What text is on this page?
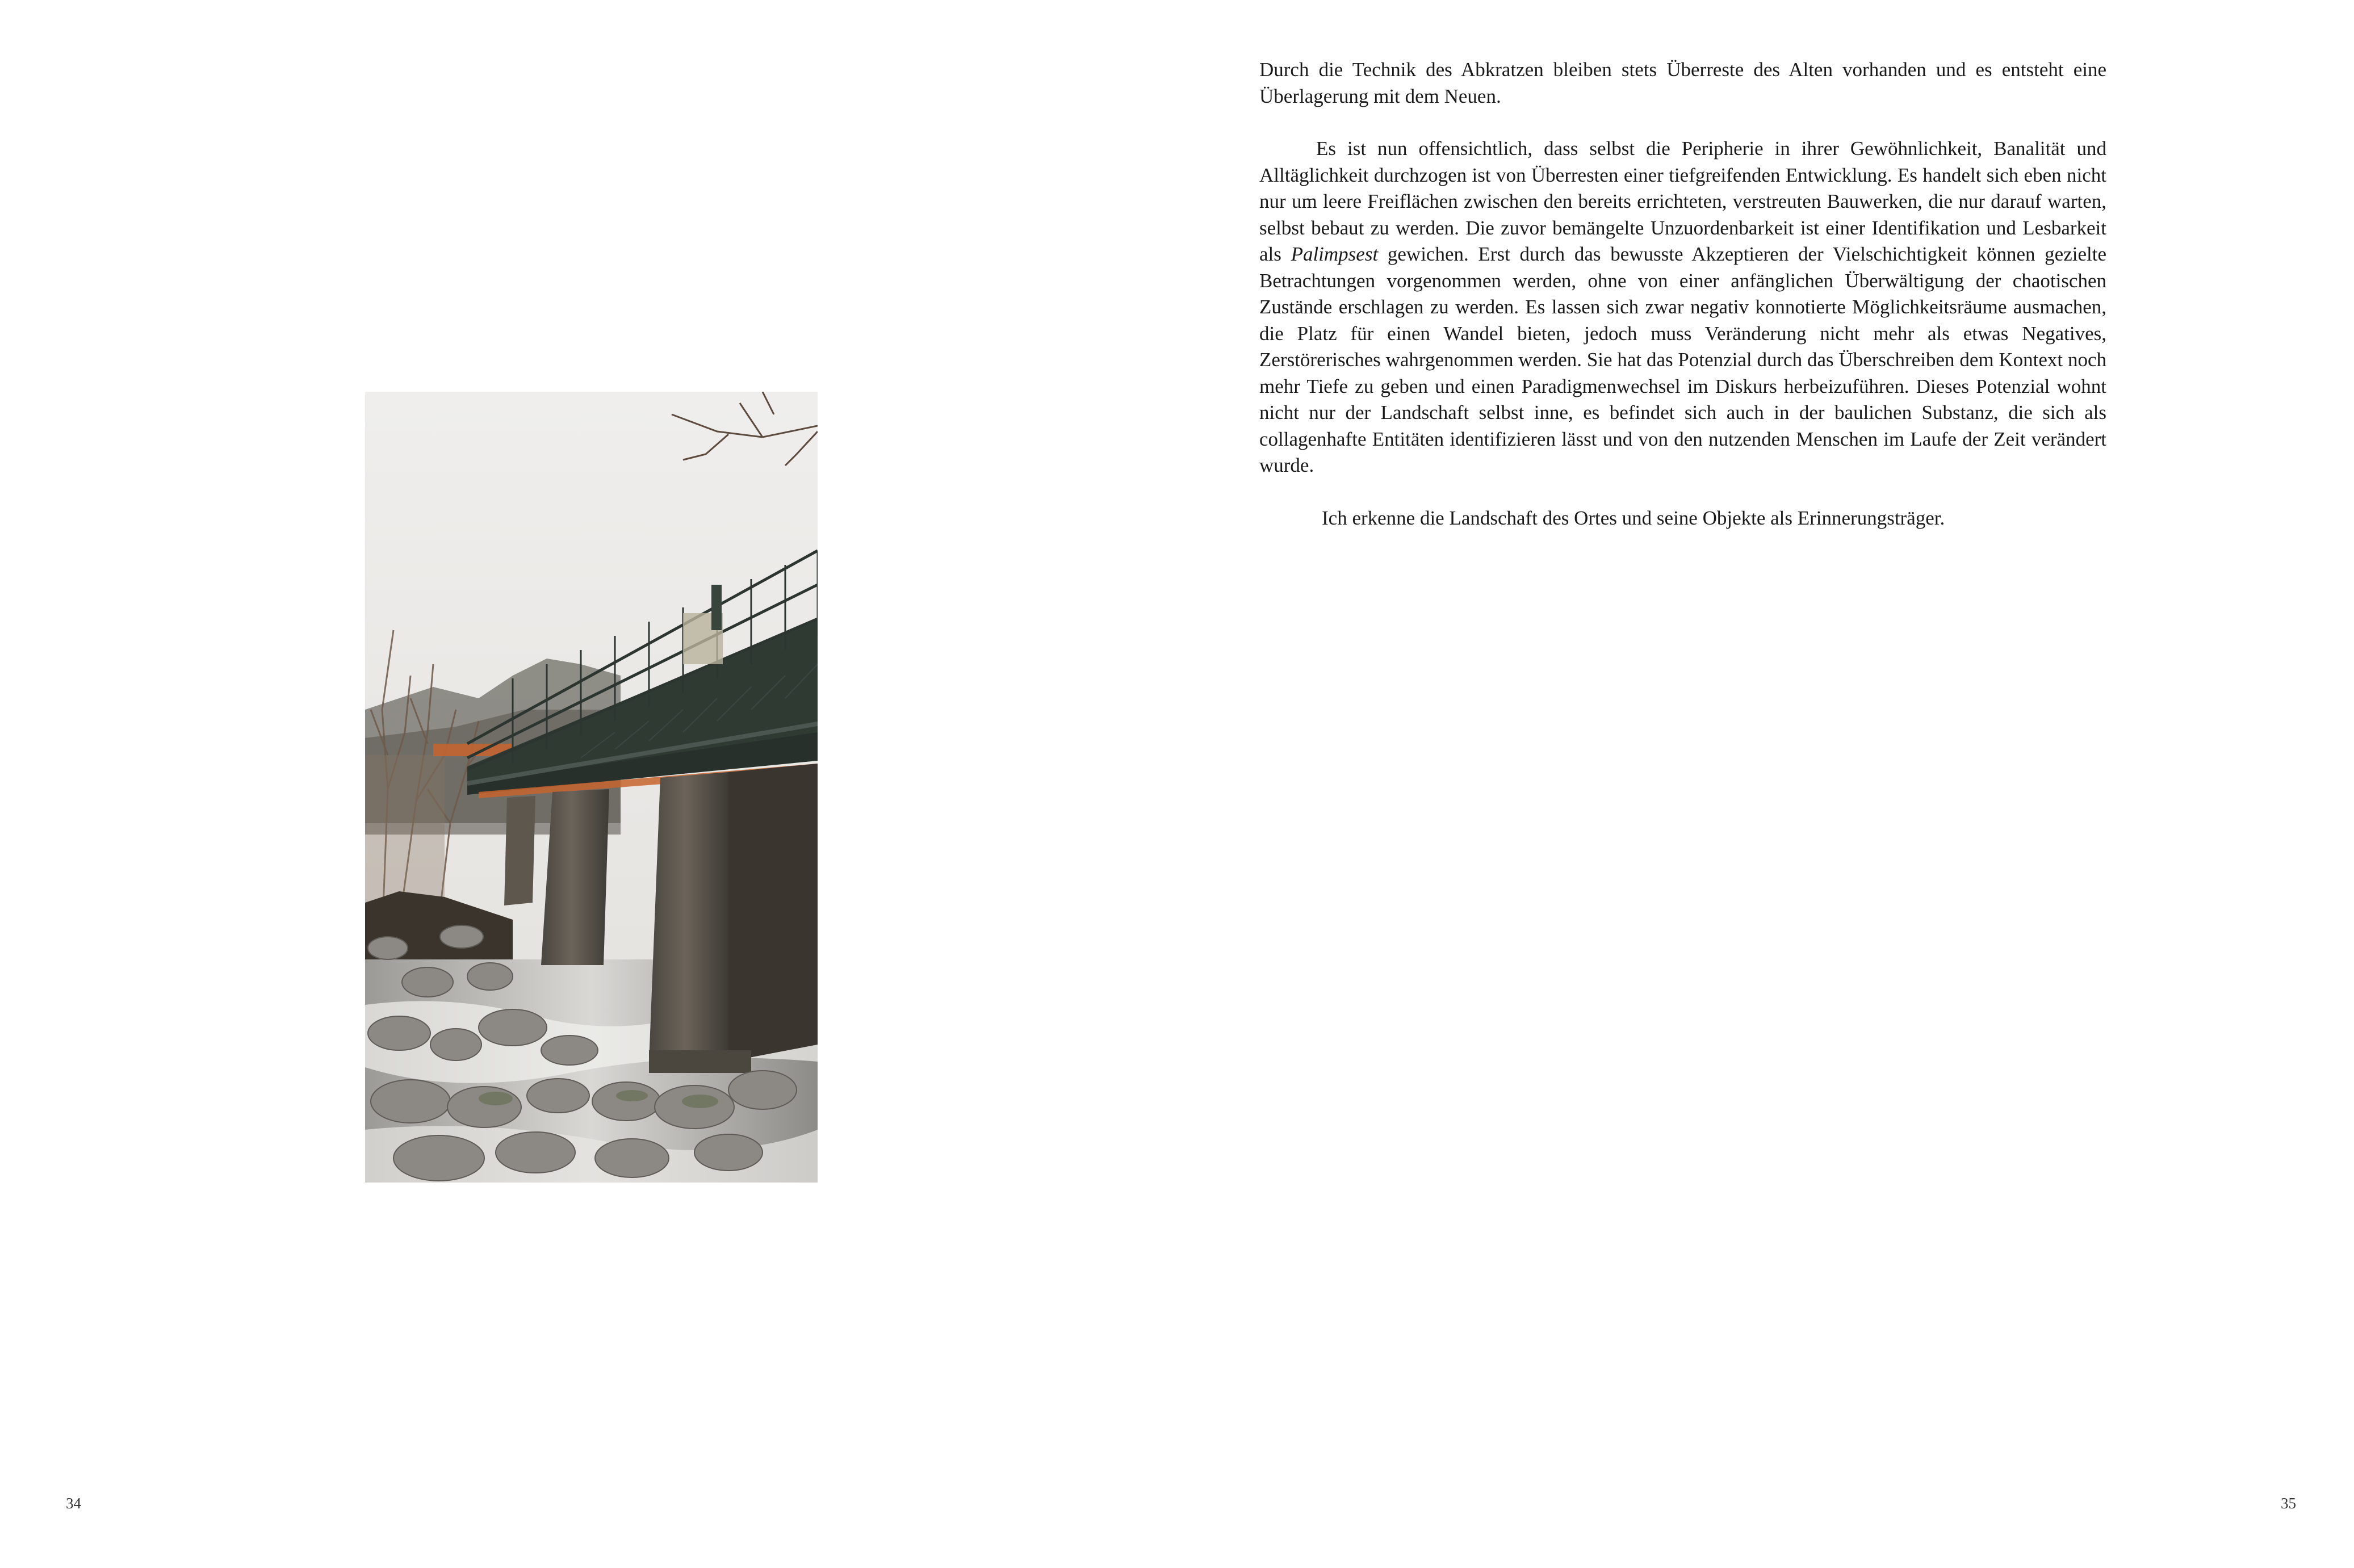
34

Durch die Technik des Abkratzen bleiben stets Überreste des Alten vorhanden und es entsteht eine Überlagerung mit dem Neuen.

Es ist nun offensichtlich, dass selbst die Peripherie in ihrer Gewöhnlichkeit, Banalität und Alltäglichkeit durchzogen ist von Überresten einer tiefgreifenden Entwicklung. Es handelt sich eben nicht nur um leere Freiflächen zwischen den bereits errichteten, verstreuten Bauwerken, die nur darauf warten, selbst bebaut zu werden. Die zuvor bemängelte Unzuordenbarkeit ist einer Identifikation und Lesbarkeit als Palimpsest gewichen. Erst durch das bewusste Akzeptieren der Vielschichtigkeit können gezielte Betrachtungen vorgenommen werden, ohne von einer anfänglichen Überwältigung der chaotischen Zustände erschlagen zu werden. Es lassen sich zwar negativ konnotierte Möglichkeitsräume ausmachen, die Platz für einen Wandel bieten, jedoch muss Veränderung nicht mehr als etwas Negatives, Zerstörerisches wahrgenommen werden. Sie hat das Potenzial durch das Überschreiben dem Kontext noch mehr Tiefe zu geben und einen Paradigmenwechsel im Diskurs herbeizuführen. Dieses Potenzial wohnt nicht nur der Landschaft selbst inne, es befindet sich auch in der baulichen Substanz, die sich als collagenhafte Entitäten identifizieren lässt und von den nutzenden Menschen im Laufe der Zeit verändert wurde.

Ich erkenne die Landschaft des Ortes und seine Objekte als Erinnerungsträger.

35
